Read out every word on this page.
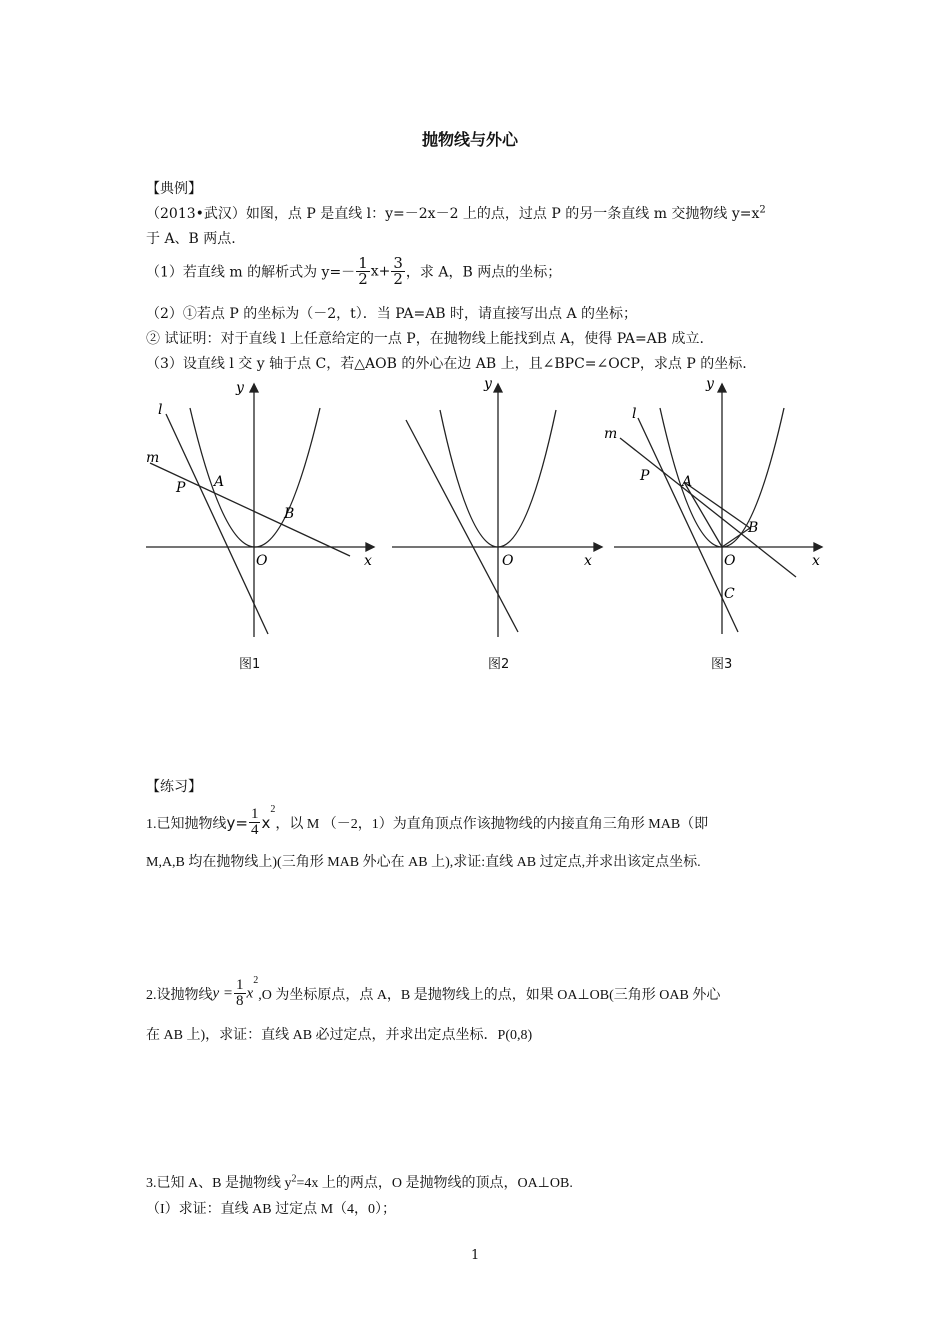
抛物线与外心
【典例】
（2013•武汉）如图，点 P 是直线 l：y=－2x－2 上的点，过点 P 的另一条直线 m 交抛物线 $y=x^2$
于 A、B 两点.
（1）若直线 m 的解析式为 $y=- \frac{1}{2} x+ \frac{3}{2}$ ，求 A，B 两点的坐标；
（2）①若点 P 的坐标为（－2，t）．当 PA=AB 时，请直接写出点 A 的坐标；
② 试证明：对于直线 l 上任意给定的一点 P，在抛物线上能找到点 A，使得 PA=AB 成立.
（3）设直线 l 交 y 轴于点 C，若△AOB 的外心在边 AB 上，且∠BPC=∠OCP，求点 P 的坐标.
l
m
P A
B
O	x
y
O	x
y
l
m
P A
B
O
C
x
y
图1	图2	图3
【练习】
1.已知抛物线$y= \frac{1}{4} x^2$，以 M （－2，1）为直角顶点作该抛物线的内接直角三角形 MAB（即
M,A,B 均在抛物线上)(三角形 MAB 外心在 AB 上),求证:直线 AB 过定点,并求出该定点坐标.
2.设抛物线$y = \frac{1}{8} x^2,O$ 为坐标原点，点 A，B 是抛物线上的点，如果 OA⊥OB(三角形 OAB 外心
在 AB 上)，求证：直线 AB 必过定点，并求出定点坐标．P(0,8)
3.已知 A、B 是抛物线 $y^2=4x$ 上的两点，O 是抛物线的顶点，OA⊥OB.
（I）求证：直线 AB 过定点 M（4，0）；
1
